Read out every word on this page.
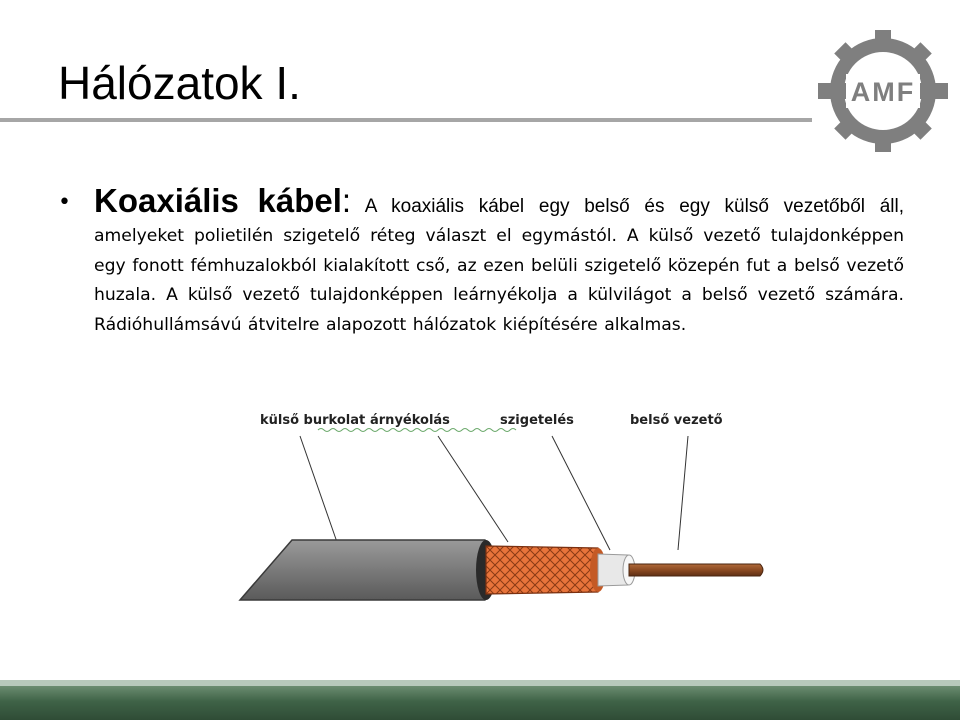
Hálózatok I.	AMF
• Koaxiális kábel: A koaxiális kábel egy belső és egy külső vezetőből áll, amelyeket polietilén szigetelő réteg választ el egymástól. A külső vezető tulajdonképpen egy fonott fémhuzalokból kialakított cső, az ezen belüli szigetelő közepén fut a belső vezető huzala. A külső vezető tulajdonképpen leárnyékolja a külvilágot a belső vezető számára. Rádióhullámsávú átvitelre alapozott hálózatok kiépítésére alkalmas.
külső burkolat árnyékolás	szigetelés	belső vezető
